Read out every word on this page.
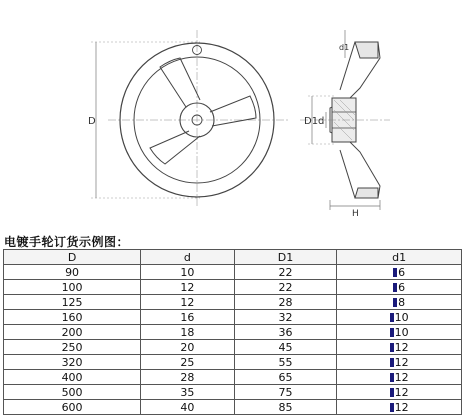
D	D1 d
d1
H
电镀手轮订货示例图：
D	d	D1	d1
90	10	22	6
100	12	22	6
125	12	28	8
160	16	32	10
200	18	36	10
250	20	45	12
320	25	55	12
400	28	65	12
500	35	75	12
600	40	85	12
